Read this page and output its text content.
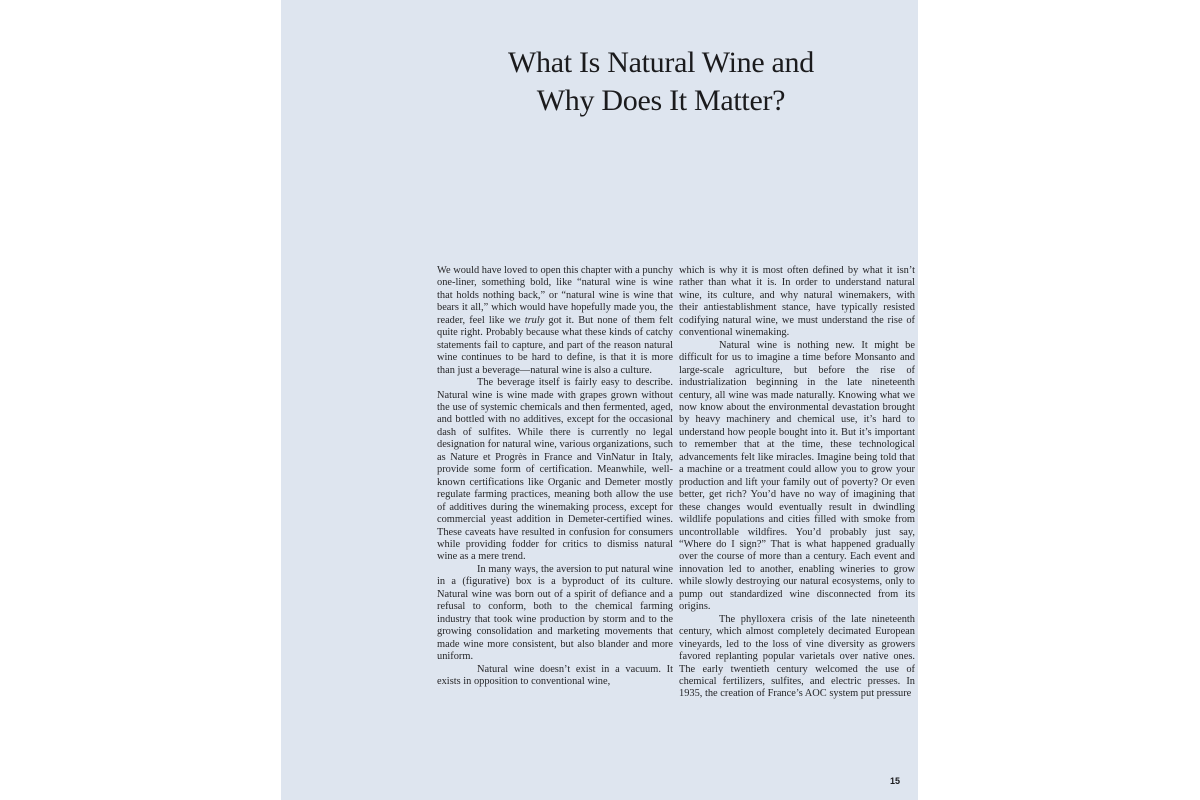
What Is Natural Wine and
Why Does It Matter?

We would have loved to open this chapter with a punchy one-liner, something bold, like “natural wine is wine that holds nothing back,” or “natural wine is wine that bears it all,” which would have hopefully made you, the reader, feel like we truly got it. But none of them felt quite right. Probably because what these kinds of catchy statements fail to capture, and part of the reason natural wine continues to be hard to define, is that it is more than just a beverage—natural wine is also a culture.

The beverage itself is fairly easy to describe. Natural wine is wine made with grapes grown without the use of systemic chemicals and then fermented, aged, and bottled with no additives, except for the occasional dash of sulfites. While there is currently no legal designation for natural wine, various organizations, such as Nature et Progrès in France and VinNatur in Italy, provide some form of certification. Meanwhile, well-known certifications like Organic and Demeter mostly regulate farming practices, meaning both allow the use of additives during the winemaking process, except for commercial yeast addition in Demeter-certified wines. These caveats have resulted in confusion for consumers while providing fodder for critics to dismiss natural wine as a mere trend.

In many ways, the aversion to put natural wine in a (figurative) box is a byproduct of its culture. Natural wine was born out of a spirit of defiance and a refusal to conform, both to the chemical farming industry that took wine production by storm and to the growing consolidation and marketing movements that made wine more consistent, but also blander and more uniform.

Natural wine doesn’t exist in a vacuum. It exists in opposition to conventional wine,

which is why it is most often defined by what it isn’t rather than what it is. In order to understand natural wine, its culture, and why natural winemakers, with their antiestablishment stance, have typically resisted codifying natural wine, we must understand the rise of conventional winemaking.

Natural wine is nothing new. It might be difficult for us to imagine a time before Monsanto and large-scale agriculture, but before the rise of industrialization beginning in the late nineteenth century, all wine was made naturally. Knowing what we now know about the environmental devastation brought by heavy machinery and chemical use, it’s hard to understand how people bought into it. But it’s important to remember that at the time, these technological advancements felt like miracles. Imagine being told that a machine or a treatment could allow you to grow your production and lift your family out of poverty? Or even better, get rich? You’d have no way of imagining that these changes would eventually result in dwindling wildlife populations and cities filled with smoke from uncontrollable wildfires. You’d probably just say, “Where do I sign?” That is what happened gradually over the course of more than a century. Each event and innovation led to another, enabling wineries to grow while slowly destroying our natural ecosystems, only to pump out standardized wine disconnected from its origins.

The phylloxera crisis of the late nineteenth century, which almost completely decimated European vineyards, led to the loss of vine diversity as growers favored replanting popular varietals over native ones. The early twentieth century welcomed the use of chemical fertilizers, sulfites, and electric presses. In 1935, the creation of France’s AOC system put pressure

15
